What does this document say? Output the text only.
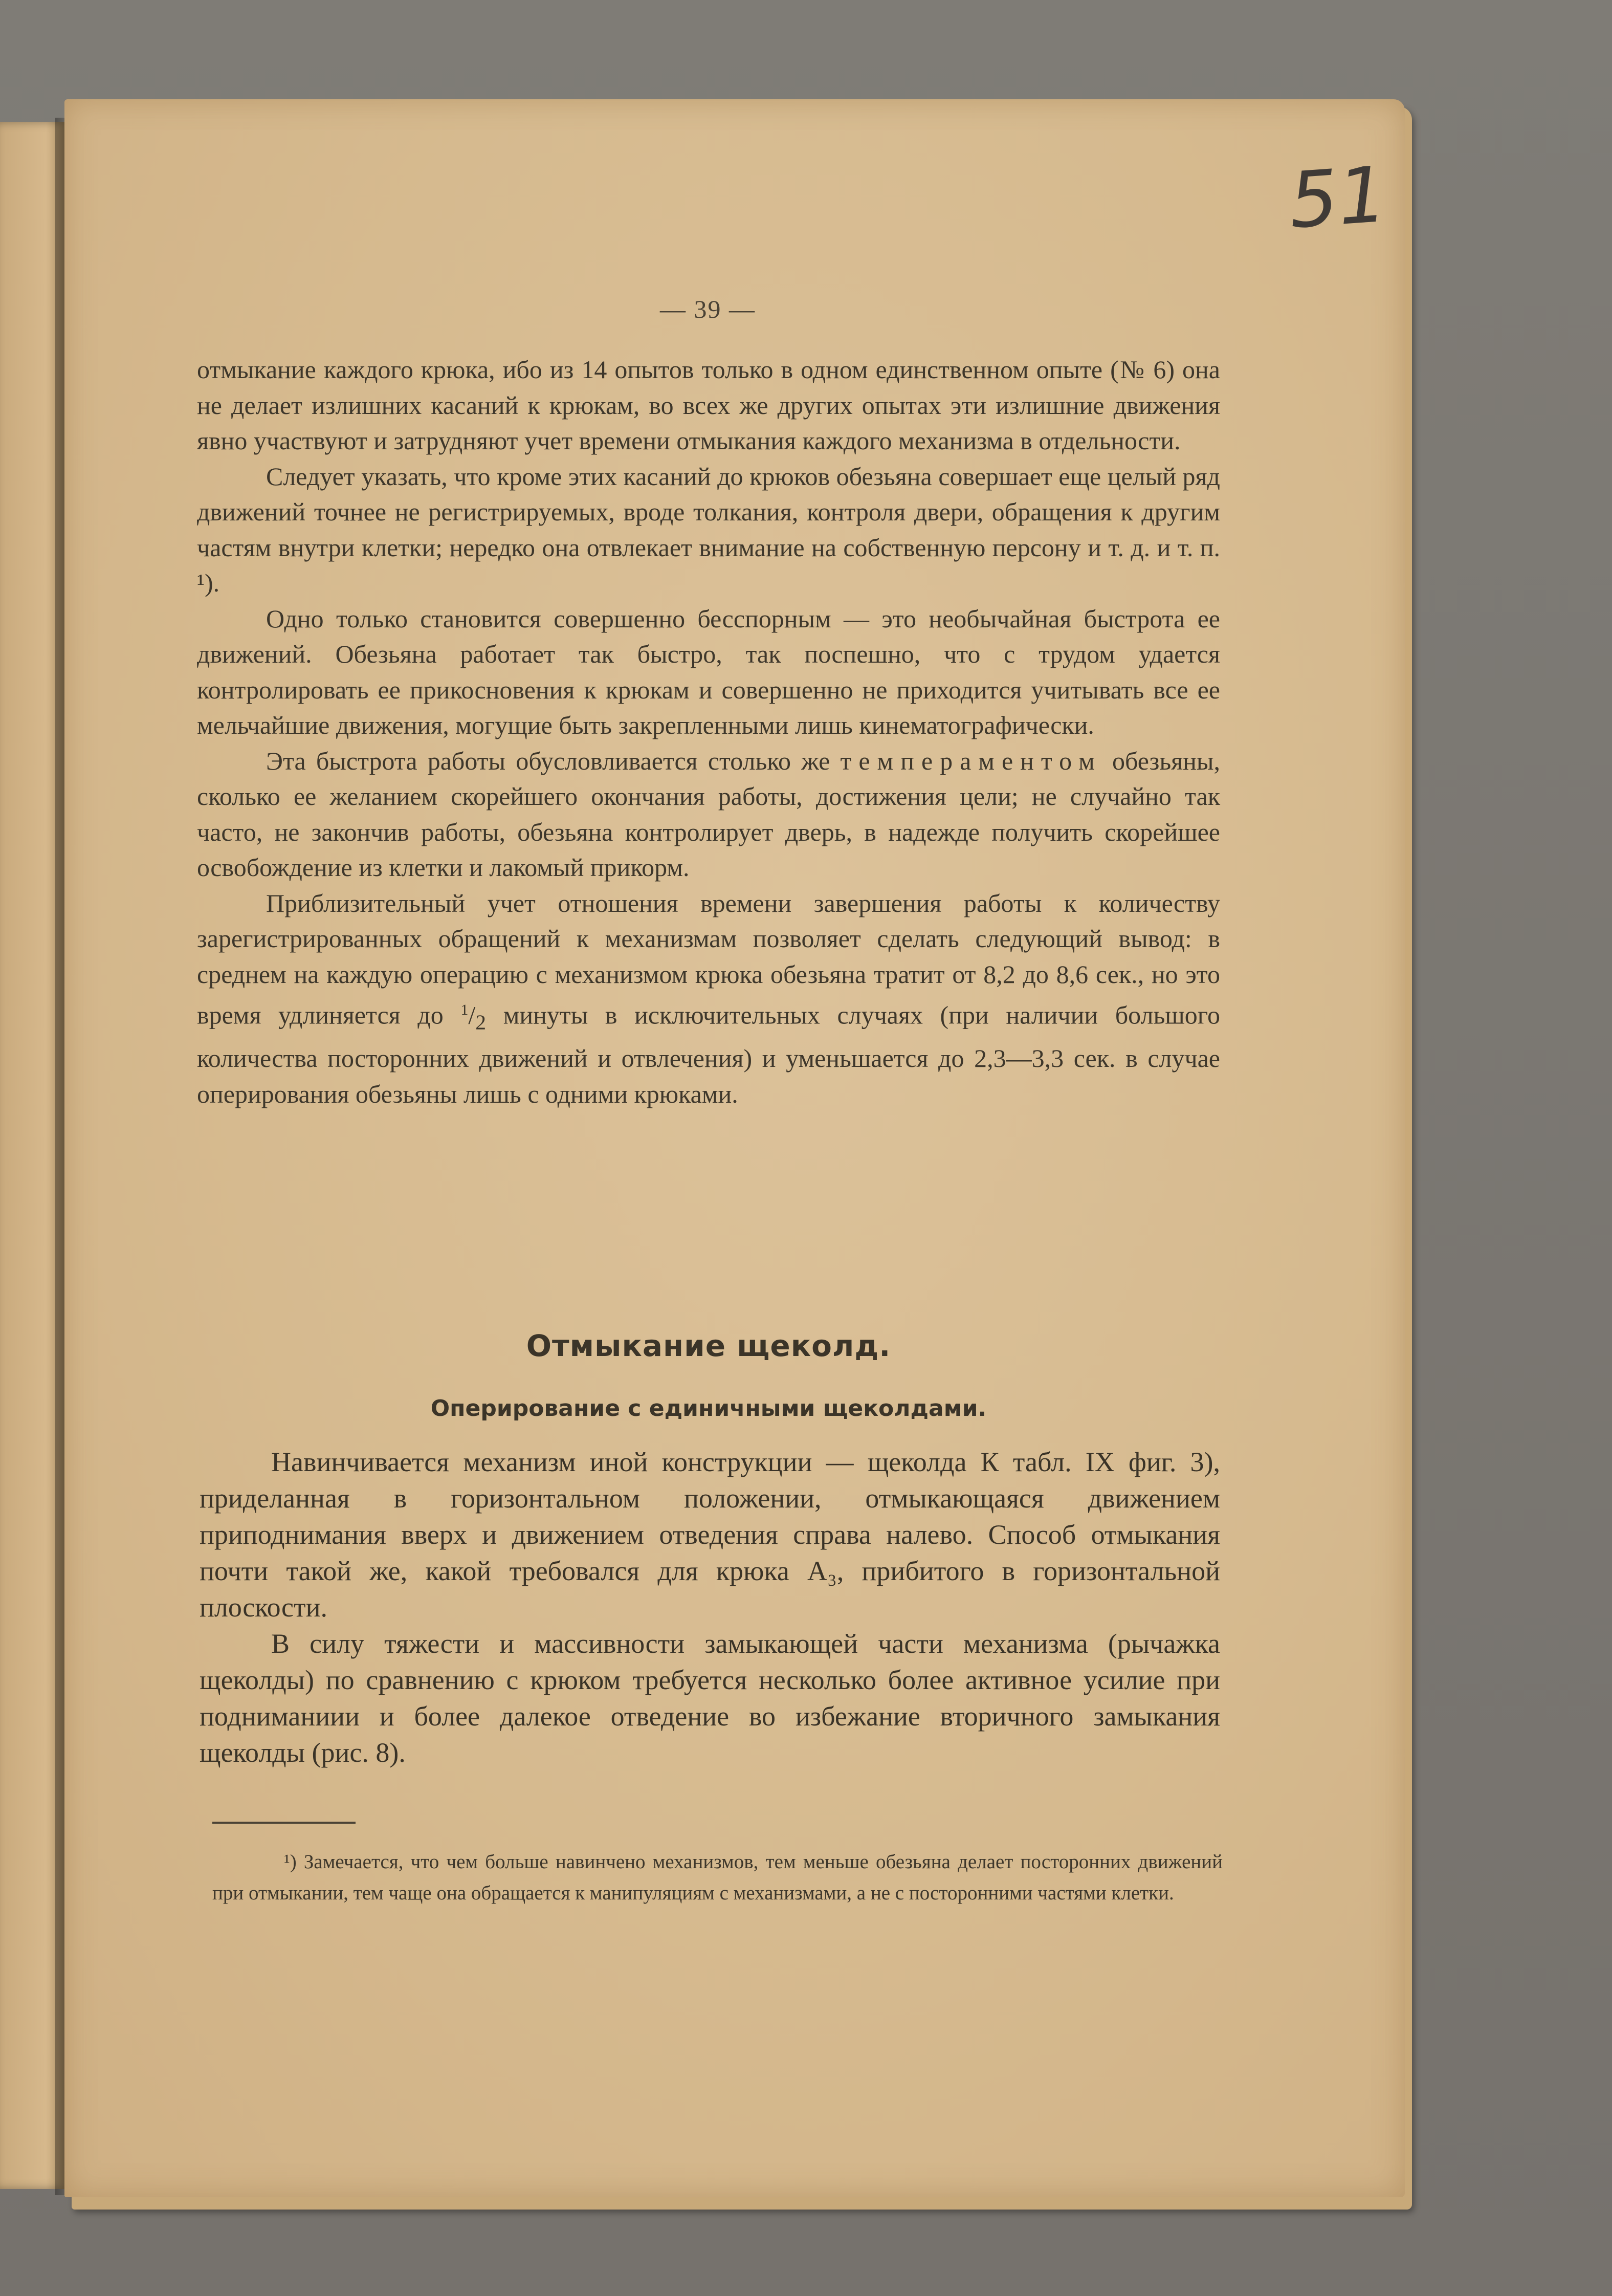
51
— 39 —

отмыкание каждого крюка, ибо из 14 опытов только в одном единственном опыте (№ 6) она не делает излишних касаний к крюкам, во всех же других опытах эти излишние движения явно участвуют и затрудняют учет времени отмыкания каждого механизма в отдельности.

Следует указать, что кроме этих касаний до крюков обезьяна совершает еще целый ряд движений точнее не регистрируемых, вроде толкания, контроля двери, обращения к другим частям внутри клетки; нередко она отвлекает внимание на собственную персону и т. д. и т. п. ¹).

Одно только становится совершенно бесспорным — это необычайная быстрота ее движений. Обезьяна работает так быстро, так поспешно, что с трудом удается контролировать ее прикосновения к крюкам и совершенно не приходится учитывать все ее мельчайшие движения, могущие быть закрепленными лишь кинематографически.

Эта быстрота работы обусловливается столько же темпераментом обезьяны, сколько ее желанием скорейшего окончания работы, достижения цели; не случайно так часто, не закончив работы, обезьяна контролирует дверь, в надежде получить скорейшее освобождение из клетки и лакомый прикорм.

Приблизительный учет отношения времени завершения работы к количеству зарегистрированных обращений к механизмам позволяет сделать следующий вывод: в среднем на каждую операцию с механизмом крюка обезьяна тратит от 8,2 до 8,6 сек., но это время удлиняется до $^1/_2$ минуты в исключительных случаях (при наличии большого количества посторонних движений и отвлечения) и уменьшается до 2,3—3,3 сек. в случае оперирования обезьяны лишь с одними крюками.

Отмыкание щеколд.
Оперирование с единичными щеколдами.

Навинчивается механизм иной конструкции — щеколда К табл. IX фиг. 3), приделанная в горизонтальном положении, отмыкающаяся движением приподнимания вверх и движением отведения справа налево. Способ отмыкания почти такой же, какой требовался для крюка А₃, прибитого в горизонтальной плоскости.

В силу тяжести и массивности замыкающей части механизма (рычажка щеколды) по сравнению с крюком требуется несколько более активное усилие при подниманиии и более далекое отведение во избежание вторичного замыкания щеколды (рис. 8).

¹) Замечается, что чем больше навинчено механизмов, тем меньше обезьяна делает посторонних движений при отмыкании, тем чаще она обращается к манипуляциям с механизмами, а не с посторонними частями клетки.
